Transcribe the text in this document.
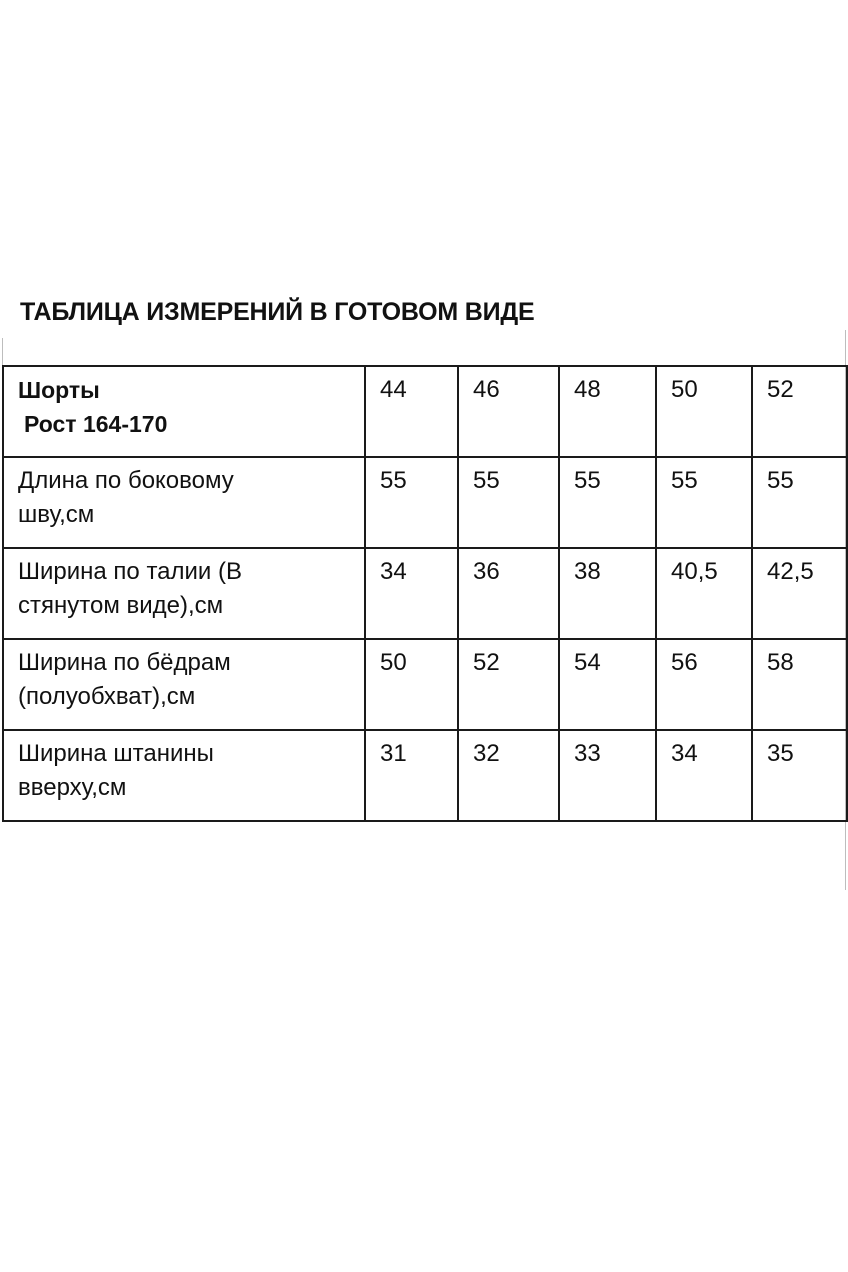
ТАБЛИЦА ИЗМЕРЕНИЙ В ГОТОВОМ ВИДЕ
Шорты
Рост 164-170	44	46	48	50	52
Длина по боковому
шву,см	55	55	55	55	55
Ширина по талии (В
стянутом виде),см	34	36	38	40,5	42,5
Ширина по бёдрам
(полуобхват),см	50	52	54	56	58
Ширина штанины
вверху,см	31	32	33	34	35
